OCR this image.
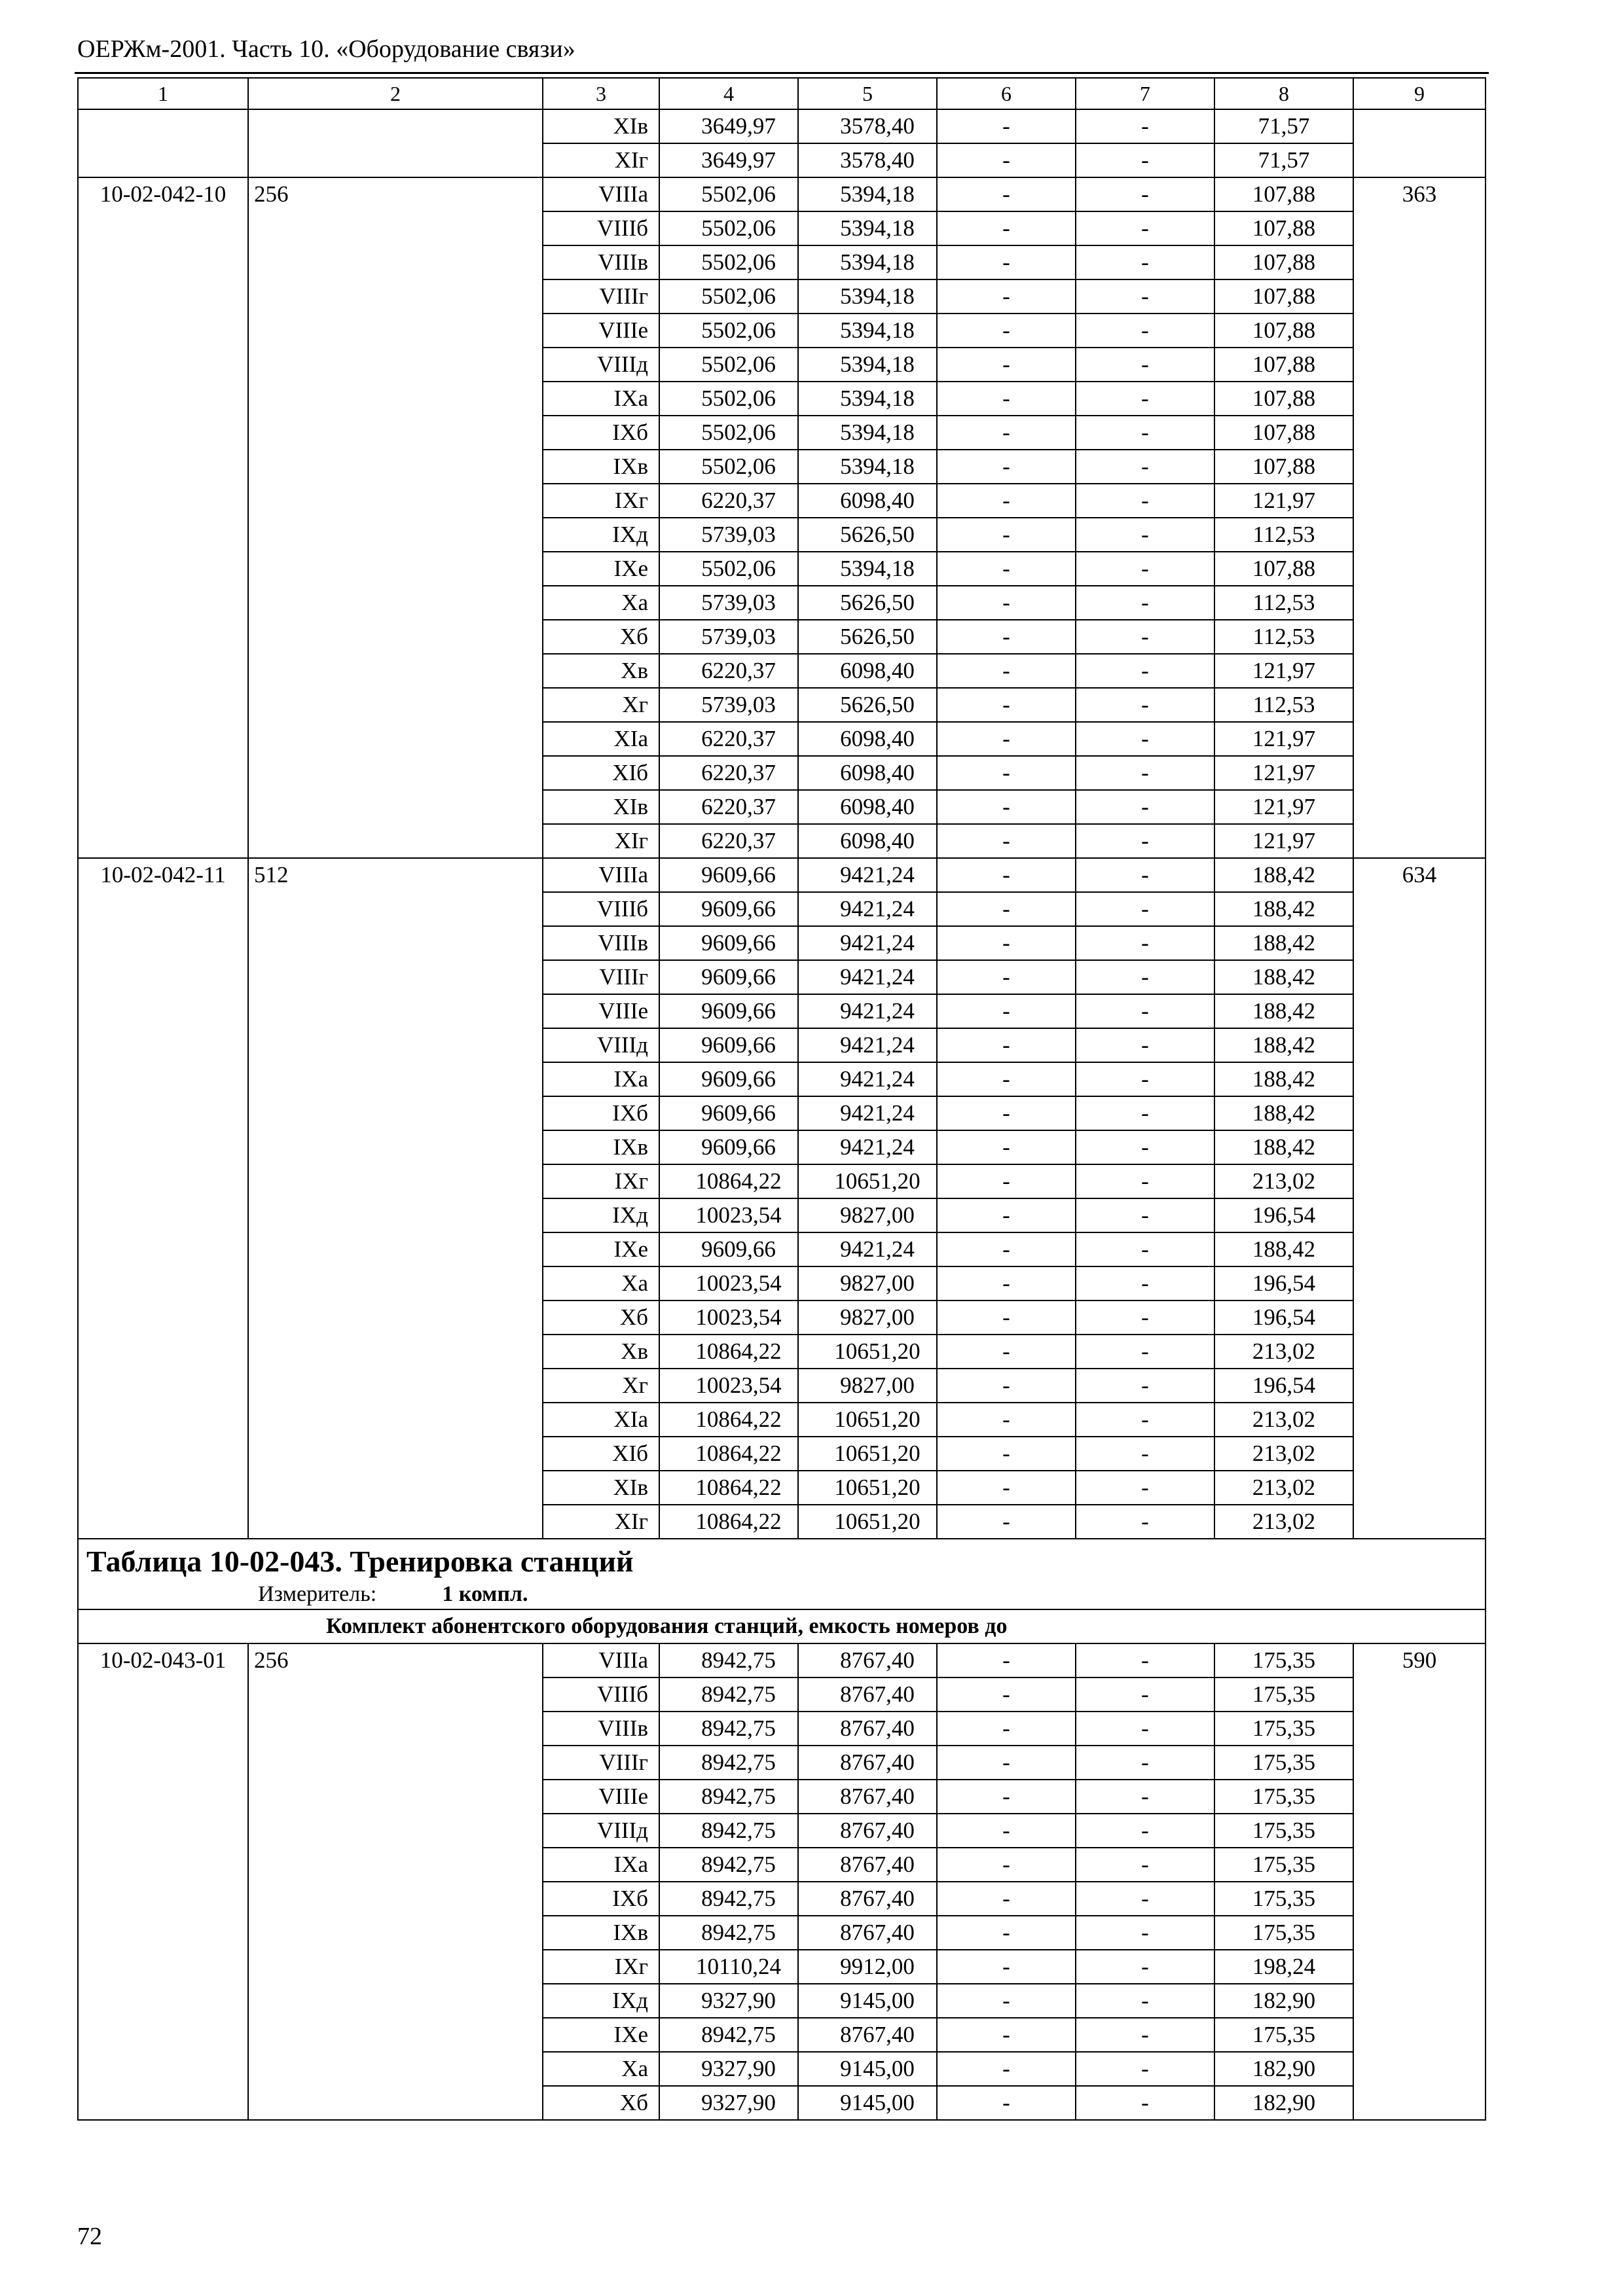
ОЕРЖм-2001. Часть 10. «Оборудование связи»
1	2	3	4	5	6	7	8	9
		XIв	3649,97	3578,40	-	-	71,57	
		XIг	3649,97	3578,40	-	-	71,57	
10-02-042-10	256	VIIIа	5502,06	5394,18	-	-	107,88	363
		VIIIб	5502,06	5394,18	-	-	107,88	
		VIIIв	5502,06	5394,18	-	-	107,88	
		VIIIг	5502,06	5394,18	-	-	107,88	
		VIIIе	5502,06	5394,18	-	-	107,88	
		VIIIд	5502,06	5394,18	-	-	107,88	
		IXа	5502,06	5394,18	-	-	107,88	
		IXб	5502,06	5394,18	-	-	107,88	
		IXв	5502,06	5394,18	-	-	107,88	
		IXг	6220,37	6098,40	-	-	121,97	
		IXд	5739,03	5626,50	-	-	112,53	
		IXе	5502,06	5394,18	-	-	107,88	
		Xа	5739,03	5626,50	-	-	112,53	
		Xб	5739,03	5626,50	-	-	112,53	
		Xв	6220,37	6098,40	-	-	121,97	
		Xг	5739,03	5626,50	-	-	112,53	
		XIа	6220,37	6098,40	-	-	121,97	
		XIб	6220,37	6098,40	-	-	121,97	
		XIв	6220,37	6098,40	-	-	121,97	
		XIг	6220,37	6098,40	-	-	121,97	
10-02-042-11	512	VIIIа	9609,66	9421,24	-	-	188,42	634
		VIIIб	9609,66	9421,24	-	-	188,42	
		VIIIв	9609,66	9421,24	-	-	188,42	
		VIIIг	9609,66	9421,24	-	-	188,42	
		VIIIе	9609,66	9421,24	-	-	188,42	
		VIIIд	9609,66	9421,24	-	-	188,42	
		IXа	9609,66	9421,24	-	-	188,42	
		IXб	9609,66	9421,24	-	-	188,42	
		IXв	9609,66	9421,24	-	-	188,42	
		IXг	10864,22	10651,20	-	-	213,02	
		IXд	10023,54	9827,00	-	-	196,54	
		IXе	9609,66	9421,24	-	-	188,42	
		Xа	10023,54	9827,00	-	-	196,54	
		Xб	10023,54	9827,00	-	-	196,54	
		Xв	10864,22	10651,20	-	-	213,02	
		Xг	10023,54	9827,00	-	-	196,54	
		XIа	10864,22	10651,20	-	-	213,02	
		XIб	10864,22	10651,20	-	-	213,02	
		XIв	10864,22	10651,20	-	-	213,02	
		XIг	10864,22	10651,20	-	-	213,02	

Таблица 10-02-043. Тренировка станций
Измеритель: 1 компл.								

Комплект абонентского оборудования станций, емкость номеров до								
10-02-043-01	256	VIIIа	8942,75	8767,40	-	-	175,35	590
		VIIIб	8942,75	8767,40	-	-	175,35	
		VIIIв	8942,75	8767,40	-	-	175,35	
		VIIIг	8942,75	8767,40	-	-	175,35	
		VIIIе	8942,75	8767,40	-	-	175,35	
		VIIIд	8942,75	8767,40	-	-	175,35	
		IXа	8942,75	8767,40	-	-	175,35	
		IXб	8942,75	8767,40	-	-	175,35	
		IXв	8942,75	8767,40	-	-	175,35	
		IXг	10110,24	9912,00	-	-	198,24	
		IXд	9327,90	9145,00	-	-	182,90	
		IXе	8942,75	8767,40	-	-	175,35	
		Xа	9327,90	9145,00	-	-	182,90	
		Xб	9327,90	9145,00	-	-	182,90	
72
